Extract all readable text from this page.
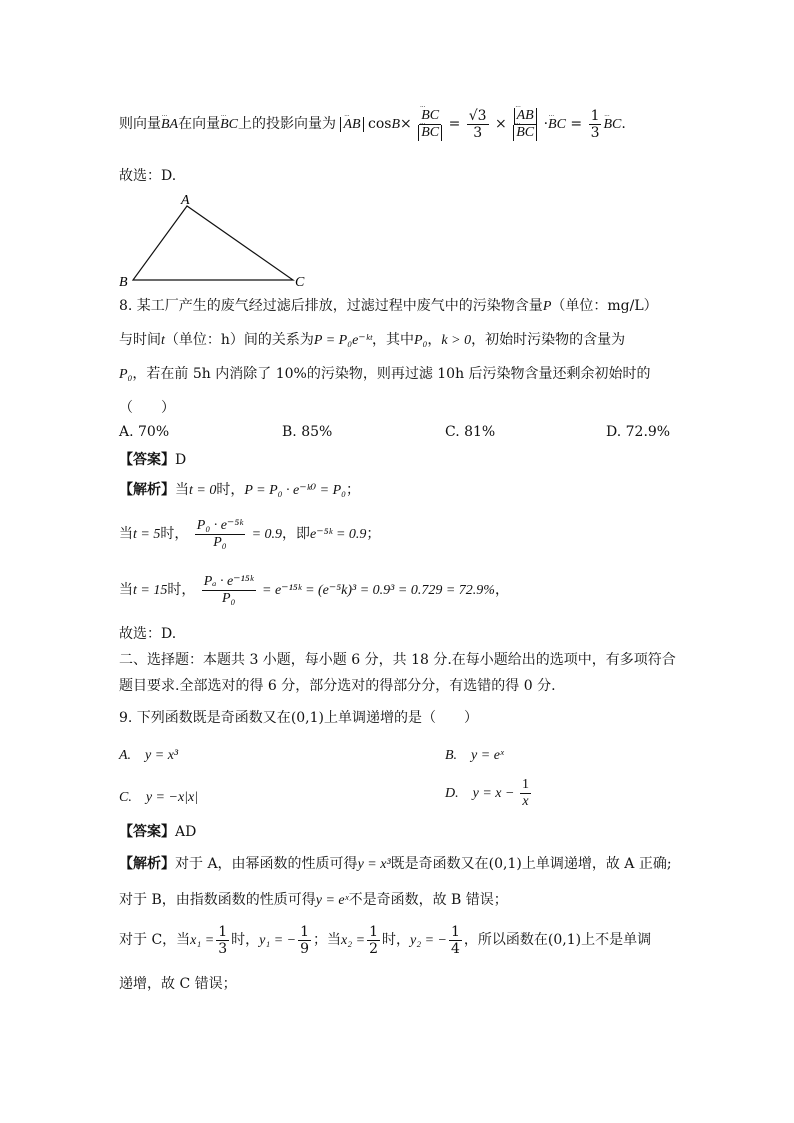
则向量ᐧᐧᐧ BA在向量ᐧᐧᐧ BC上的投影向量为 ᐧᐧᐧ AB cosB× ᐧᐧᐧ BC
ᐧᐧᐧ BC = $\frac{√3}{3}$ × ᐧᐧᐧ AB
ᐧᐧᐧ BC ·ᐧᐧᐧ BC = $\frac{1}{3}$ ᐧᐧᐧ BC.
故选：D.
A
B	C
8. 某工厂产生的废气经过滤后排放，过滤过程中废气中的污染物含量P（单位：mg/L）
与时间t（单位：h）间的关系为P = P₀e⁻ᵏᵗ，其中P₀，k > 0，初始时污染物的含量为
P₀，若在前 5h 内消除了 10%的污染物，则再过滤 10h 后污染物含量还剩余初始时的
（　　）
A. 70%	B. 85%	C. 81%	D. 72.9%
【答案】D
【解析】当t = 0时，P = P₀ · e⁻ᵏ⁰ = P₀；
当t = 5时， $\frac{\text{P₀ · e⁻⁵ᵏ}}{\text{P₀}} = 0.9$，即e⁻⁵ᵏ = 0.9；
当t = 15时， $\frac{\text{Pₐ · e⁻¹⁵ᵏ}}{\text{P₀}}$ = e⁻¹⁵ᵏ = (e⁻⁵k)³ = 0.9³ = 0.729 = 72.9%，
故选：D.
二、选择题：本题共 3 小题，每小题 6 分，共 18 分.在每小题给出的选项中，有多项符合
题目要求.全部选对的得 6 分，部分选对的得部分分，有选错的得 0 分.
9. 下列函数既是奇函数又在(0,1)上单调递增的是（　　）
A.　y = x³	B.　y = eˣ
C.　y = −x|x|	D.　$y = x - \frac{1}{x}$
【答案】AD
【解析】对于 A，由幂函数的性质可得y = x³既是奇函数又在(0,1)上单调递增，故 A 正确;
对于 B，由指数函数的性质可得y = eˣ不是奇函数，故 B 错误；
对于 C，当$x_1 = \frac{1}{3}$ 时，y₁ = − $\frac{1}{9}$ ；当$x_2 = \frac{1}{2}$ 时，y₂ = − $\frac{1}{4}$ ，所以函数在(0,1)上不是单调
递增，故 C 错误；
